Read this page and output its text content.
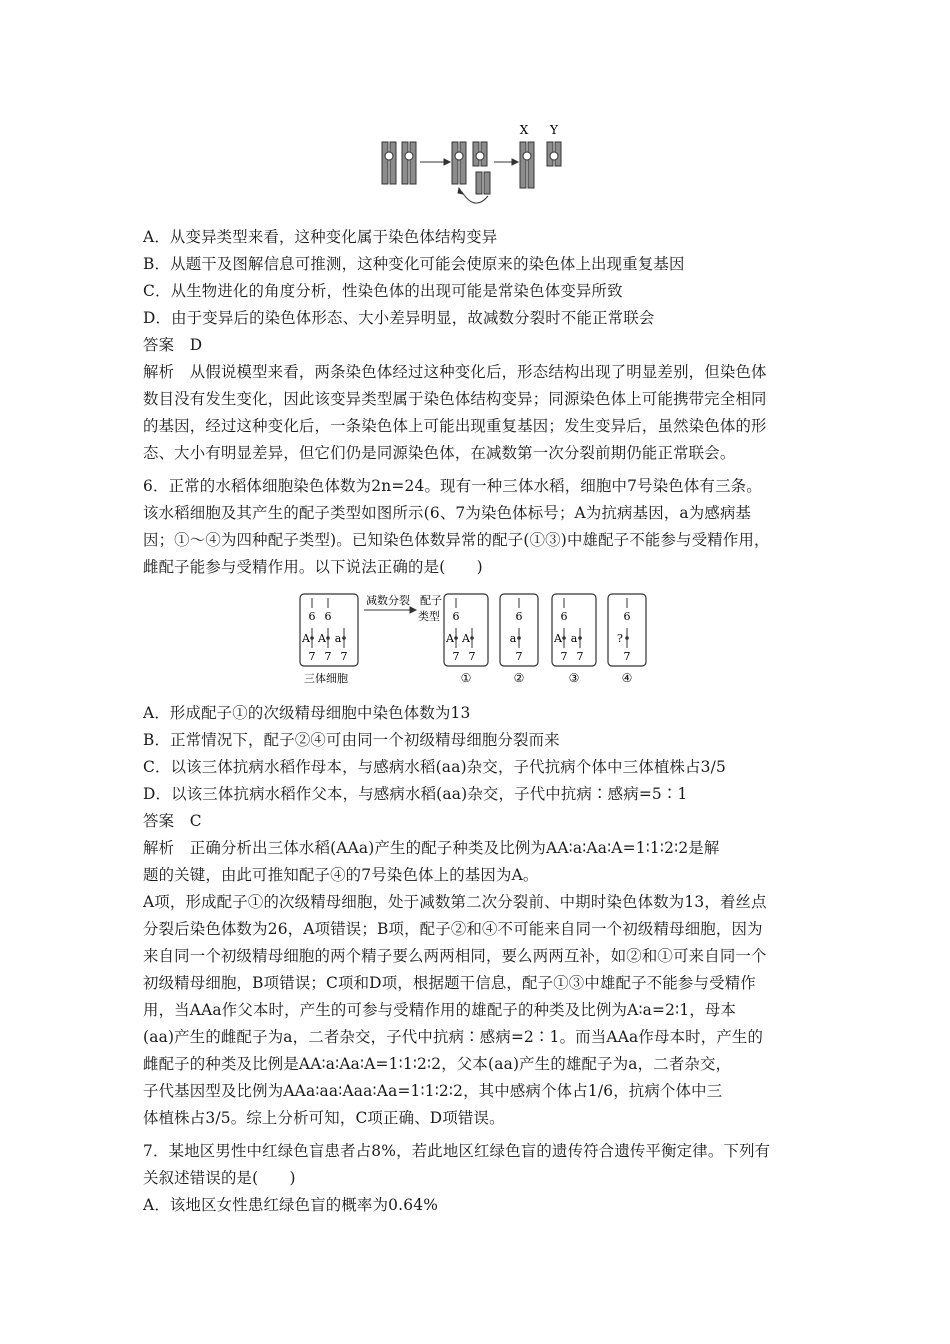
X Y
A．从变异类型来看，这种变化属于染色体结构变异
B．从题干及图解信息可推测，这种变化可能会使原来的染色体上出现重复基因
C．从生物进化的角度分析，性染色体的出现可能是常染色体变异所致
D．由于变异后的染色体形态、大小差异明显，故减数分裂时不能正常联会
答案　D
解析　从假说模型来看，两条染色体经过这种变化后，形态结构出现了明显差别，但染色体
数目没有发生变化，因此该变异类型属于染色体结构变异；同源染色体上可能携带完全相同
的基因，经过这种变化后，一条染色体上可能出现重复基因；发生变异后，虽然染色体的形
态、大小有明显差异，但它们仍是同源染色体，在减数第一次分裂前期仍能正常联会。
6．正常的水稻体细胞染色体数为2n=24。现有一种三体水稻，细胞中7号染色体有三条。
该水稻细胞及其产生的配子类型如图所示(6、7为染色体标号；A为抗病基因，a为感病基
因；①～④为四种配子类型)。已知染色体数异常的配子(①③)中雄配子不能参与受精作用，
雌配子能参与受精作用。以下说法正确的是(　　)
6 6
A A a
7 7 7
6
A A
7 7
6
a
7
6
A a
7 7
6
?
7
减数分裂 配子
类型
三体细胞	①	②	③	④
A．形成配子①的次级精母细胞中染色体数为13
B．正常情况下，配子②④可由同一个初级精母细胞分裂而来
C．以该三体抗病水稻作母本，与感病水稻(aa)杂交，子代抗病个体中三体植株占3/5
D．以该三体抗病水稻作父本，与感病水稻(aa)杂交，子代中抗病∶感病=5∶1
答案　C
解析　正确分析出三体水稻(AAa)产生的配子种类及比例为AA∶a∶Aa∶A=1∶1∶2∶2是解
题的关键，由此可推知配子④的7号染色体上的基因为A。
A项，形成配子①的次级精母细胞，处于减数第二次分裂前、中期时染色体数为13，着丝点
分裂后染色体数为26，A项错误；B项，配子②和④不可能来自同一个初级精母细胞，因为
来自同一个初级精母细胞的两个精子要么两两相同，要么两两互补，如②和①可来自同一个
初级精母细胞，B项错误；C项和D项，根据题干信息，配子①③中雄配子不能参与受精作
用，当AAa作父本时，产生的可参与受精作用的雄配子的种类及比例为A∶a=2∶1，母本
(aa)产生的雌配子为a，二者杂交，子代中抗病∶感病=2∶1。而当AAa作母本时，产生的
雌配子的种类及比例是AA∶a∶Aa∶A=1∶1∶2∶2，父本(aa)产生的雄配子为a，二者杂交，
子代基因型及比例为AAa∶aa∶Aaa∶Aa=1∶1∶2∶2，其中感病个体占1/6，抗病个体中三
体植株占3/5。综上分析可知，C项正确、D项错误。
7．某地区男性中红绿色盲患者占8%，若此地区红绿色盲的遗传符合遗传平衡定律。下列有
关叙述错误的是(　　)
A．该地区女性患红绿色盲的概率为0.64%
